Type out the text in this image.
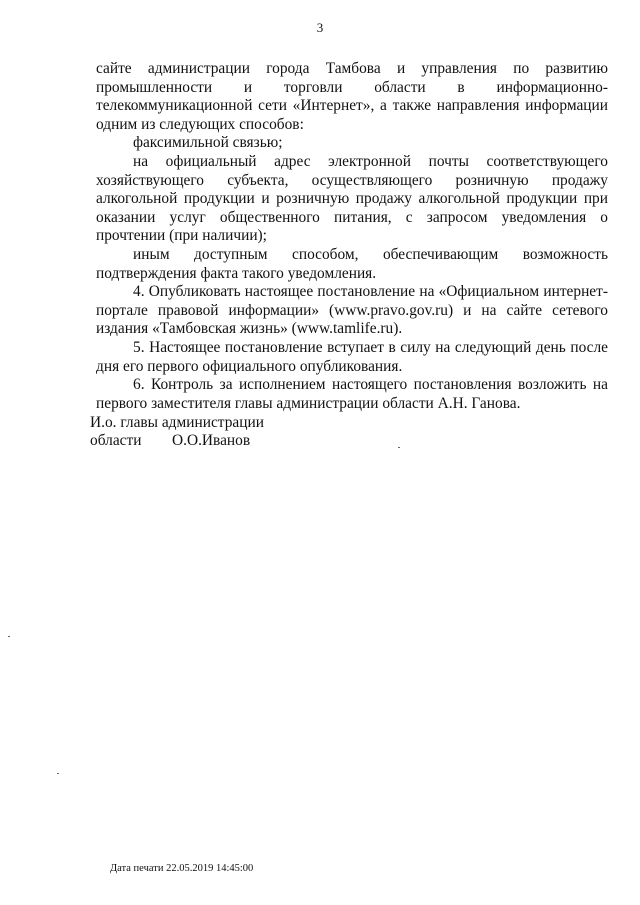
3

сайте администрации города Тамбова и управления по развитию промышленности и торговли области в информационно-телекоммуникационной сети «Интернет», а также направления информации одним из следующих способов:

факсимильной связью;

на официальный адрес электронной почты соответствующего хозяйствующего субъекта, осуществляющего розничную продажу алкогольной продукции и розничную продажу алкогольной продукции при оказании услуг общественного питания, с запросом уведомления о прочтении (при наличии);

иным доступным способом, обеспечивающим возможность подтверждения факта такого уведомления.

4. Опубликовать настоящее постановление на «Официальном интернет-портале правовой информации» (www.pravo.gov.ru) и на сайте сетевого издания «Тамбовская жизнь» (www.tamlife.ru).

5. Настоящее постановление вступает в силу на следующий день после дня его первого официального опубликования.

6. Контроль за исполнением настоящего постановления возложить на первого заместителя главы администрации области А.Н. Ганова.

И.о. главы администрации
области	О.О.Иванов
Дата печати 22.05.2019 14:45:00
